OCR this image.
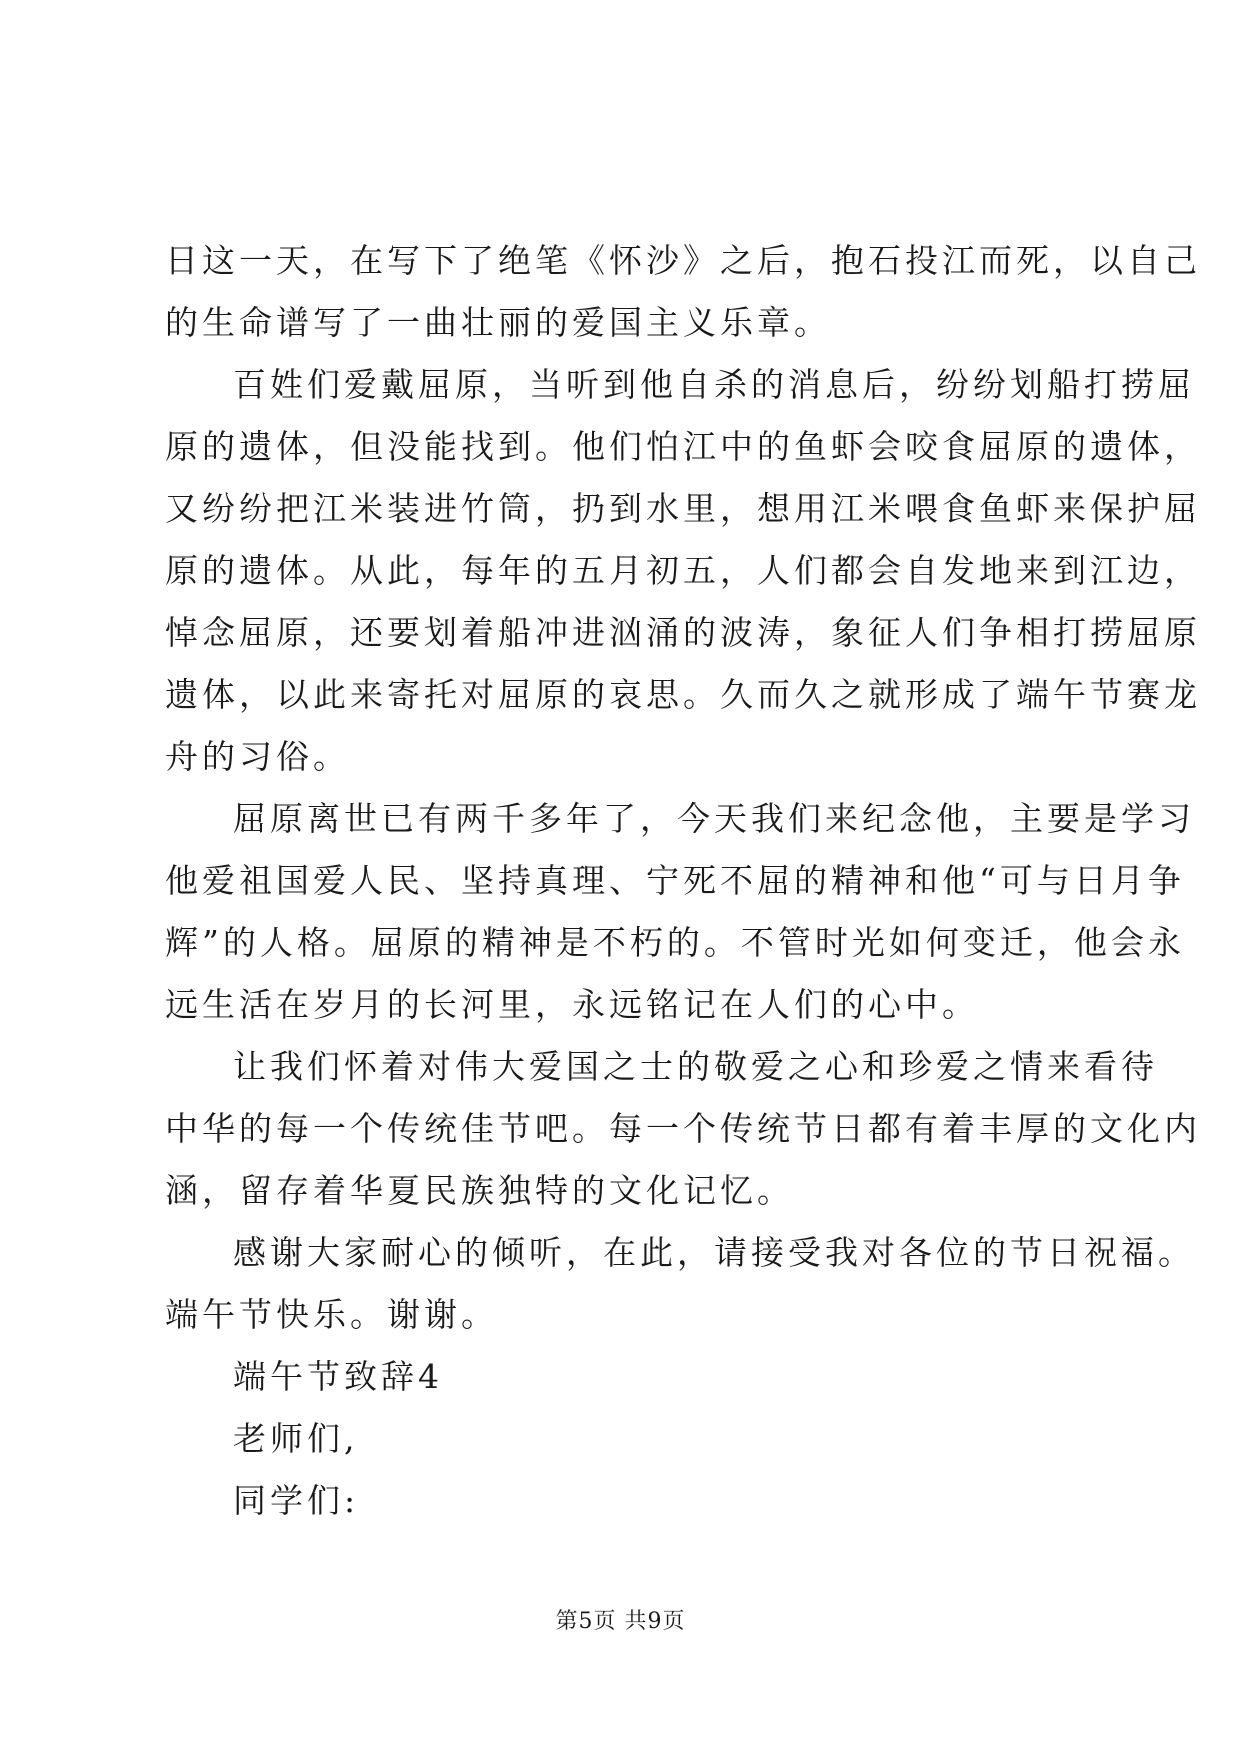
日这一天，在写下了绝笔《怀沙》之后，抱石投江而死，以自己
的生命谱写了一曲壮丽的爱国主义乐章。
百姓们爱戴屈原，当听到他自杀的消息后，纷纷划船打捞屈
原的遗体，但没能找到。他们怕江中的鱼虾会咬食屈原的遗体，
又纷纷把江米装进竹筒，扔到水里，想用江米喂食鱼虾来保护屈
原的遗体。从此，每年的五月初五，人们都会自发地来到江边，
悼念屈原，还要划着船冲进汹涌的波涛，象征人们争相打捞屈原
遗体，以此来寄托对屈原的哀思。久而久之就形成了端午节赛龙
舟的习俗。
屈原离世已有两千多年了，今天我们来纪念他，主要是学习
他爱祖国爱人民、坚持真理、宁死不屈的精神和他“可与日月争
辉”的人格。屈原的精神是不朽的。不管时光如何变迁，他会永
远生活在岁月的长河里，永远铭记在人们的心中。
让我们怀着对伟大爱国之士的敬爱之心和珍爱之情来看待
中华的每一个传统佳节吧。每一个传统节日都有着丰厚的文化内
涵，留存着华夏民族独特的文化记忆。
感谢大家耐心的倾听，在此，请接受我对各位的节日祝福。
端午节快乐。谢谢。
端午节致辞4
老师们,
同学们:
第5页 共9页
